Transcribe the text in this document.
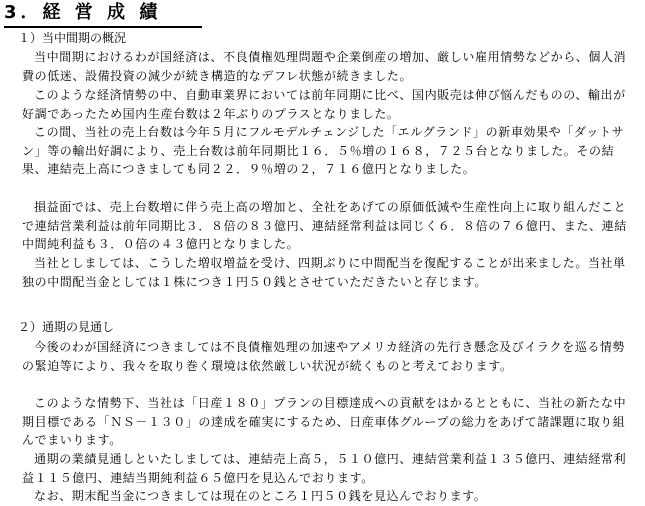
3．経 営 成 績
１）当中間期の概況

当中間期におけるわが国経済は、不良債権処理問題や企業倒産の増加、厳しい雇用情勢などから、個人消費の低迷、設備投資の減少が続き構造的なデフレ状態が続きました。

このような経済情勢の中、自動車業界においては前年同期に比べ、国内販売は伸び悩んだものの、輸出が好調であったため国内生産台数は２年ぶりのプラスとなりました。

この間、当社の売上台数は今年５月にフルモデルチェンジした「エルグランド」の新車効果や「ダットサン」等の輸出好調により、売上台数は前年同期比１６．５％増の１６８，７２５台となりました。その結果、連結売上高につきましても同２２．９％増の２，７１６億円となりました。

損益面では、売上台数増に伴う売上高の増加と、全社をあげての原価低減や生産性向上に取り組んだことで連結営業利益は前年同期比３．８倍の８３億円、連結経常利益は同じく６．８倍の７６億円、また、連結中間純利益も３．０倍の４３億円となりました。

当社としましては、こうした増収増益を受け、四期ぶりに中間配当を復配することが出来ました。当社単独の中間配当金としては１株につき１円５０銭とさせていただきたいと存じます。

２）通期の見通し

今後のわが国経済につきましては不良債権処理の加速やアメリカ経済の先行き懸念及びイラクを巡る情勢の緊迫等により、我々を取り巻く環境は依然厳しい状況が続くものと考えております。

このような情勢下、当社は「日産１８０」プランの目標達成への貢献をはかるとともに、当社の新たな中期目標である「ＮＳ－１３０」の達成を確実にするため、日産車体グループの総力をあげて諸課題に取り組んでまいります。

通期の業績見通しといたしましては、連結売上高５，５１０億円、連結営業利益１３５億円、連結経常利益１１５億円、連結当期純利益６５億円を見込んでおります。

なお、期末配当金につきましては現在のところ１円５０銭を見込んでおります。
